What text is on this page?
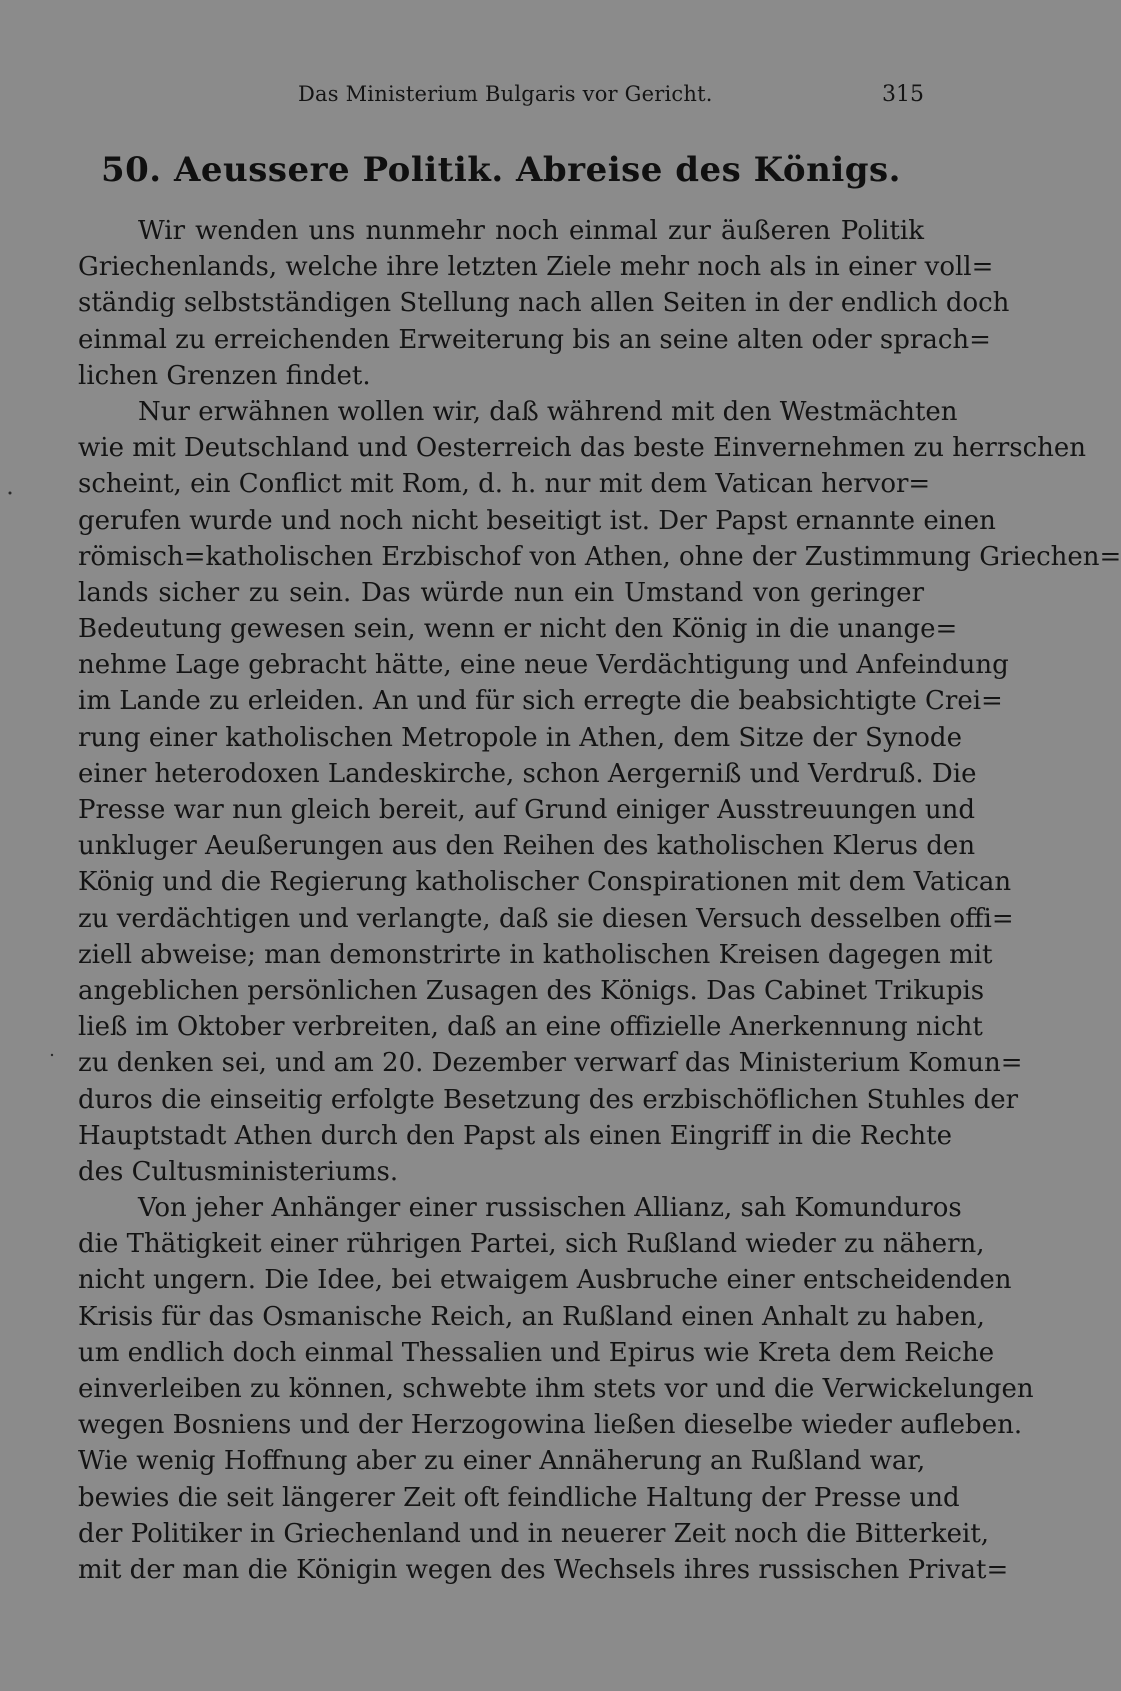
Das Ministerium Bulgaris vor Gericht.	315
50. Aeussere Politik. Abreise des Königs.
Wir wenden uns nunmehr noch einmal zur äußeren Politik
Griechenlands, welche ihre letzten Ziele mehr noch als in einer voll=
ständig selbstständigen Stellung nach allen Seiten in der endlich doch
einmal zu erreichenden Erweiterung bis an seine alten oder sprach=
lichen Grenzen findet.
Nur erwähnen wollen wir, daß während mit den Westmächten
wie mit Deutschland und Oesterreich das beste Einvernehmen zu herrschen
scheint, ein Conflict mit Rom, d. h. nur mit dem Vatican hervor=
gerufen wurde und noch nicht beseitigt ist. Der Papst ernannte einen
römisch=katholischen Erzbischof von Athen, ohne der Zustimmung Griechen=
lands sicher zu sein. Das würde nun ein Umstand von geringer
Bedeutung gewesen sein, wenn er nicht den König in die unange=
nehme Lage gebracht hätte, eine neue Verdächtigung und Anfeindung
im Lande zu erleiden. An und für sich erregte die beabsichtigte Crei=
rung einer katholischen Metropole in Athen, dem Sitze der Synode
einer heterodoxen Landeskirche, schon Aergerniß und Verdruß. Die
Presse war nun gleich bereit, auf Grund einiger Ausstreuungen und
unkluger Aeußerungen aus den Reihen des katholischen Klerus den
König und die Regierung katholischer Conspirationen mit dem Vatican
zu verdächtigen und verlangte, daß sie diesen Versuch desselben offi=
ziell abweise; man demonstrirte in katholischen Kreisen dagegen mit
angeblichen persönlichen Zusagen des Königs. Das Cabinet Trikupis
ließ im Oktober verbreiten, daß an eine offizielle Anerkennung nicht
zu denken sei, und am 20. Dezember verwarf das Ministerium Komun=
duros die einseitig erfolgte Besetzung des erzbischöflichen Stuhles der
Hauptstadt Athen durch den Papst als einen Eingriff in die Rechte
des Cultusministeriums.
Von jeher Anhänger einer russischen Allianz, sah Komunduros
die Thätigkeit einer rührigen Partei, sich Rußland wieder zu nähern,
nicht ungern. Die Idee, bei etwaigem Ausbruche einer entscheidenden
Krisis für das Osmanische Reich, an Rußland einen Anhalt zu haben,
um endlich doch einmal Thessalien und Epirus wie Kreta dem Reiche
einverleiben zu können, schwebte ihm stets vor und die Verwickelungen
wegen Bosniens und der Herzogowina ließen dieselbe wieder aufleben.
Wie wenig Hoffnung aber zu einer Annäherung an Rußland war,
bewies die seit längerer Zeit oft feindliche Haltung der Presse und
der Politiker in Griechenland und in neuerer Zeit noch die Bitterkeit,
mit der man die Königin wegen des Wechsels ihres russischen Privat=
